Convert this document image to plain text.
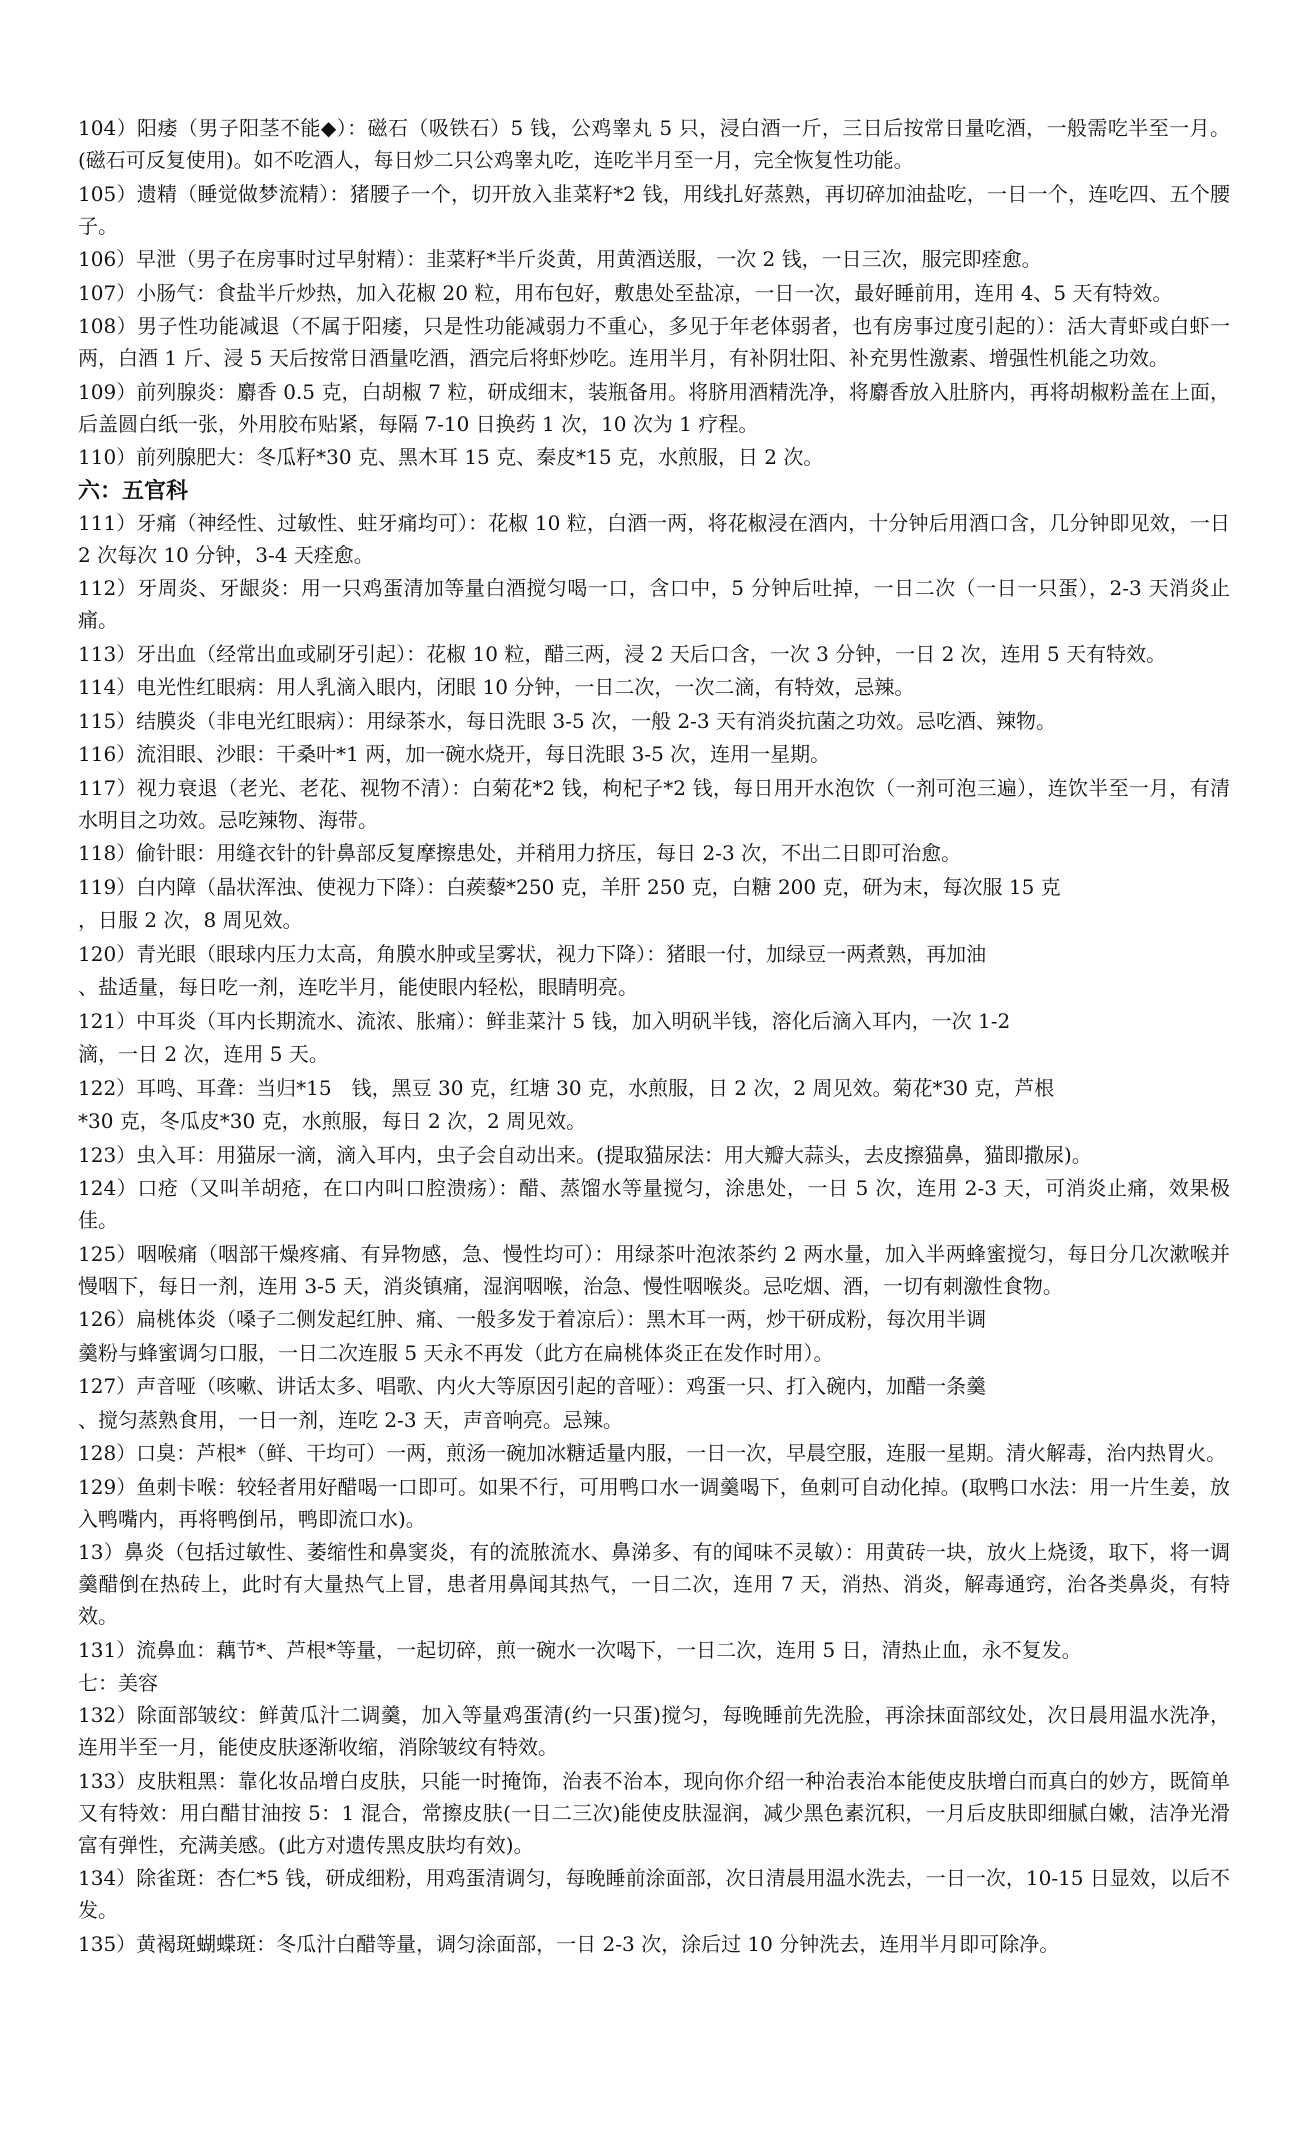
104）阳痿（男子阳茎不能◆）：磁石（吸铁石）5 钱，公鸡睾丸 5 只，浸白酒一斤，三日后按常日量吃酒，一般需吃半至一月。(磁石可反复使用)。如不吃酒人，每日炒二只公鸡睾丸吃，连吃半月至一月，完全恢复性功能。

105）遗精（睡觉做梦流精）：猪腰子一个，切开放入韭菜籽*2 钱，用线扎好蒸熟，再切碎加油盐吃，一日一个，连吃四、五个腰子。

106）早泄（男子在房事时过早射精）：韭菜籽*半斤炎黄，用黄酒送服，一次 2 钱，一日三次，服完即痊愈。

107）小肠气：食盐半斤炒热，加入花椒 20 粒，用布包好，敷患处至盐凉，一日一次，最好睡前用，连用 4、5 天有特效。

108）男子性功能减退（不属于阳痿，只是性功能减弱力不重心，多见于年老体弱者，也有房事过度引起的）：活大青虾或白虾一两，白酒 1 斤、浸 5 天后按常日酒量吃酒，酒完后将虾炒吃。连用半月，有补阴壮阳、补充男性激素、增强性机能之功效。

109）前列腺炎：麝香 0.5 克，白胡椒 7 粒，研成细末，装瓶备用。将脐用酒精洗净，将麝香放入肚脐内，再将胡椒粉盖在上面，后盖圆白纸一张，外用胶布贴紧，每隔 7-10 日换药 1 次，10 次为 1 疗程。

110）前列腺肥大：冬瓜籽*30 克、黑木耳 15 克、秦皮*15 克，水煎服，日 2 次。

六：五官科

111）牙痛（神经性、过敏性、蛀牙痛均可）：花椒 10 粒，白酒一两，将花椒浸在酒内，十分钟后用酒口含，几分钟即见效，一日 2 次每次 10 分钟，3-4 天痊愈。

112）牙周炎、牙龈炎：用一只鸡蛋清加等量白酒搅匀喝一口，含口中，5 分钟后吐掉，一日二次（一日一只蛋），2-3 天消炎止痛。

113）牙出血（经常出血或刷牙引起）：花椒 10 粒，醋三两，浸 2 天后口含，一次 3 分钟，一日 2 次，连用 5 天有特效。

114）电光性红眼病：用人乳滴入眼内，闭眼 10 分钟，一日二次，一次二滴，有特效，忌辣。

115）结膜炎（非电光红眼病）：用绿茶水，每日洗眼 3-5 次，一般 2-3 天有消炎抗菌之功效。忌吃酒、辣物。

116）流泪眼、沙眼：干桑叶*1 两，加一碗水烧开，每日洗眼 3-5 次，连用一星期。

117）视力衰退（老光、老花、视物不清）：白菊花*2 钱，枸杞子*2 钱，每日用开水泡饮（一剂可泡三遍），连饮半至一月，有清水明目之功效。忌吃辣物、海带。

118）偷针眼：用缝衣针的针鼻部反复摩擦患处，并稍用力挤压，每日 2-3 次，不出二日即可治愈。

119）白内障（晶状浑浊、使视力下降）：白蒺藜*250 克，羊肝 250 克，白糖 200 克，研为末，每次服 15 克

，日服 2 次，8 周见效。

120）青光眼（眼球内压力太高，角膜水肿或呈雾状，视力下降）：猪眼一付，加绿豆一两煮熟，再加油

、盐适量，每日吃一剂，连吃半月，能使眼内轻松，眼睛明亮。

121）中耳炎（耳内长期流水、流浓、胀痛）：鲜韭菜汁 5 钱，加入明矾半钱，溶化后滴入耳内，一次 1-2

滴，一日 2 次，连用 5 天。

122）耳鸣、耳聋：当归*15　钱，黑豆 30 克，红塘 30 克，水煎服，日 2 次，2 周见效。菊花*30 克，芦根

*30 克，冬瓜皮*30 克，水煎服，每日 2 次，2 周见效。

123）虫入耳：用猫尿一滴，滴入耳内，虫子会自动出来。(提取猫尿法：用大瓣大蒜头，去皮擦猫鼻，猫即撒尿)。

124）口疮（又叫羊胡疮，在口内叫口腔溃疡）：醋、蒸馏水等量搅匀，涂患处，一日 5 次，连用 2-3 天，可消炎止痛，效果极佳。

125）咽喉痛（咽部干燥疼痛、有异物感，急、慢性均可）：用绿茶叶泡浓茶约 2 两水量，加入半两蜂蜜搅匀，每日分几次漱喉并慢咽下，每日一剂，连用 3-5 天，消炎镇痛，湿润咽喉，治急、慢性咽喉炎。忌吃烟、酒，一切有刺激性食物。

126）扁桃体炎（嗓子二侧发起红肿、痛、一般多发于着凉后）：黑木耳一两，炒干研成粉，每次用半调

羹粉与蜂蜜调匀口服，一日二次连服 5 天永不再发（此方在扁桃体炎正在发作时用）。

127）声音哑（咳嗽、讲话太多、唱歌、内火大等原因引起的音哑）：鸡蛋一只、打入碗内，加醋一条羹

、搅匀蒸熟食用，一日一剂，连吃 2-3 天，声音响亮。忌辣。

128）口臭：芦根*（鲜、干均可）一两，煎汤一碗加冰糖适量内服，一日一次，早晨空服，连服一星期。清火解毒，治内热胃火。

129）鱼刺卡喉：较轻者用好醋喝一口即可。如果不行，可用鸭口水一调羹喝下，鱼刺可自动化掉。(取鸭口水法：用一片生姜，放入鸭嘴内，再将鸭倒吊，鸭即流口水)。

13）鼻炎（包括过敏性、萎缩性和鼻窦炎，有的流脓流水、鼻涕多、有的闻味不灵敏）：用黄砖一块，放火上烧烫，取下，将一调羹醋倒在热砖上，此时有大量热气上冒，患者用鼻闻其热气，一日二次，连用 7 天，消热、消炎，解毒通窍，治各类鼻炎，有特效。

131）流鼻血：藕节*、芦根*等量，一起切碎，煎一碗水一次喝下，一日二次，连用 5 日，清热止血，永不复发。

七：美容

132）除面部皱纹：鲜黄瓜汁二调羹，加入等量鸡蛋清(约一只蛋)搅匀，每晚睡前先洗脸，再涂抹面部纹处，次日晨用温水洗净，连用半至一月，能使皮肤逐渐收缩，消除皱纹有特效。

133）皮肤粗黑：靠化妆品增白皮肤，只能一时掩饰，治表不治本，现向你介绍一种治表治本能使皮肤增白而真白的妙方，既简单又有特效：用白醋甘油按 5：1 混合，常擦皮肤(一日二三次)能使皮肤湿润，减少黑色素沉积，一月后皮肤即细腻白嫩，洁净光滑富有弹性，充满美感。(此方对遗传黑皮肤均有效)。

134）除雀斑：杏仁*5 钱，研成细粉，用鸡蛋清调匀，每晚睡前涂面部，次日清晨用温水洗去，一日一次，10-15 日显效，以后不发。

135）黄褐斑蝴蝶斑：冬瓜汁白醋等量，调匀涂面部，一日 2-3 次，涂后过 10 分钟洗去，连用半月即可除净。
